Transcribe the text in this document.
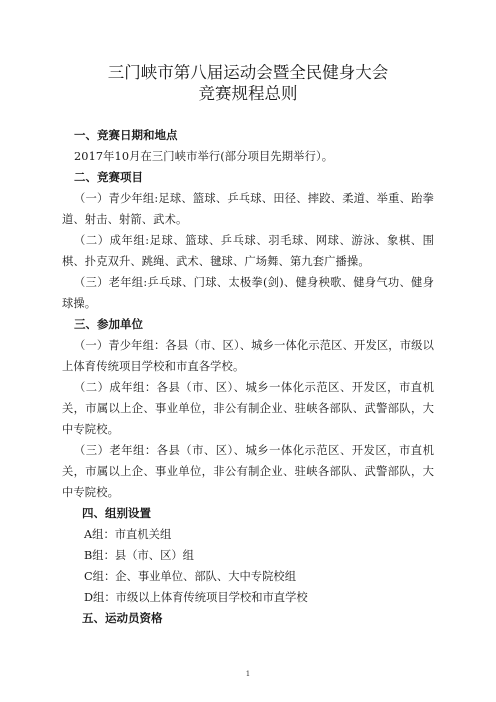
三门峡市第八届运动会暨全民健身大会
竞赛规程总则
一、竞赛日期和地点
2017年10月在三门峡市举行(部分项目先期举行）。
二、竞赛项目
（一）青少年组:足球、篮球、乒乓球、田径、摔跤、柔道、举重、跆拳道、射击、射箭、武术。
（二）成年组:足球、篮球、乒乓球、羽毛球、网球、游泳、象棋、围棋、扑克双升、跳绳、武术、毽球、广场舞、第九套广播操。
（三）老年组:乒乓球、门球、太极拳(剑)、健身秧歌、健身气功、健身球操。
三、参加单位
（一）青少年组：各县（市、区）、城乡一体化示范区、开发区，市级以上体育传统项目学校和市直各学校。
（二）成年组：各县（市、区）、城乡一体化示范区、开发区，市直机关，市属以上企、事业单位，非公有制企业、驻峡各部队、武警部队，大中专院校。
（三）老年组：各县（市、区）、城乡一体化示范区、开发区，市直机关，市属以上企、事业单位，非公有制企业、驻峡各部队、武警部队，大中专院校。
四、组别设置
A组：市直机关组
B组：县（市、区）组
C组：企、事业单位、部队、大中专院校组
D组：市级以上体育传统项目学校和市直学校
五、运动员资格
1
